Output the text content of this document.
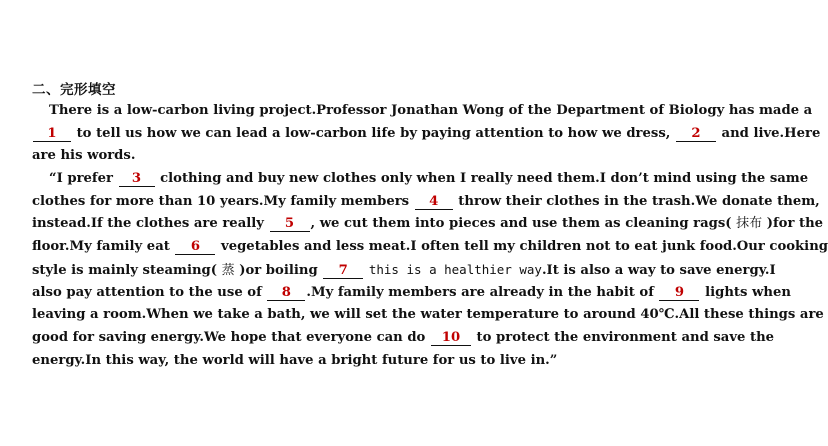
二、完形填空
There is a low-carbon living project.Professor Jonathan Wong of the Department of Biology has made a
1 to tell us how we can lead a low-carbon life by paying attention to how we dress, 2 and live.Here
are his words.
“I prefer 3 clothing and buy new clothes only when I really need them.I don’t mind using the same
clothes for more than 10 years.My family members 4 throw their clothes in the trash.We donate them,
instead.If the clothes are really 5 , we cut them into pieces and use them as cleaning rags( 抹布 )for the
floor.My family eat 6 vegetables and less meat.I often tell my children not to eat junk food.Our cooking
style is mainly steaming( 蒸 )or boiling 7 this is a healthier way.It is also a way to save energy.I
also pay attention to the use of 8 .My family members are already in the habit of 9 lights when
leaving a room.When we take a bath, we will set the water temperature to around 40℃.All these things are
good for saving energy.We hope that everyone can do 10 to protect the environment and save the
energy.In this way, the world will have a bright future for us to live in.”
